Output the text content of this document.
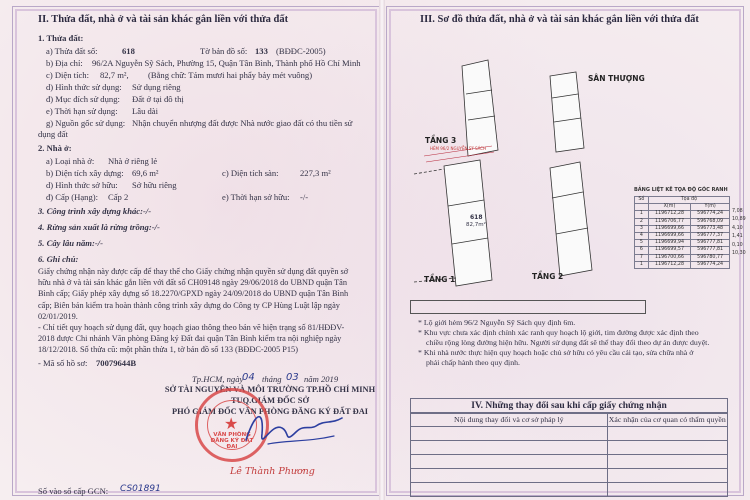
II. Thửa đất, nhà ở và tài sản khác gắn liền với thửa đất
1. Thửa đất:
a) Thửa đất số:	618	Tờ bản đồ số: 133 (BĐĐC-2005)
b) Địa chỉ: 96/2A Nguyễn Sỹ Sách, Phường 15, Quận Tân Bình, Thành phố Hồ Chí Minh
c) Diện tích: 82,7 m², (Bằng chữ: Tám mươi hai phẩy bảy mét vuông)
d) Hình thức sử dụng: Sử dụng riêng
đ) Mục đích sử dụng: Đất ở tại đô thị
e) Thời hạn sử dụng: Lâu dài
g) Nguồn gốc sử dụng: Nhận chuyển nhượng đất được Nhà nước giao đất có thu tiền sử
dụng đất
2. Nhà ở:
a) Loại nhà ở: Nhà ở riêng lẻ
b) Diện tích xây dựng: 69,6 m²	c) Diện tích sàn: 227,3 m²
d) Hình thức sở hữu: Sở hữu riêng
đ) Cấp (Hạng): Cấp 2	e) Thời hạn sở hữu: -/-
3. Công trình xây dựng khác:-/-
4. Rừng sản xuất là rừng trồng:-/-
5. Cây lâu năm:-/-
6. Ghi chú:
Giấy chứng nhận này được cấp để thay thế cho Giấy chứng nhận quyền sử dụng đất quyền sở
hữu nhà ở và tài sản khác gắn liền với đất số CH09148 ngày 29/06/2018 do UBND quận Tân
Bình cấp; Giấy phép xây dựng số 18.2270/GPXD ngày 24/09/2018 do UBND quận Tân Bình
cấp; Biên bản kiểm tra hoàn thành công trình xây dựng do Công ty CP Hùng Luật lập ngày
02/01/2019.
- Chỉ tiết quy hoạch sử dụng đất, quy hoạch giao thông theo bản vẽ hiện trạng số 81/HĐĐV-
2018 được Chi nhánh Văn phòng Đăng ký Đất đai quận Tân Bình kiểm tra nội nghiệp ngày
18/12/2018. Số thửa cũ: một phần thửa 1, tờ bản đồ số 133 (BĐĐC-2005 P15)
- Mã số hồ sơ: 70079644B
Tp.HCM, ngày
04 tháng 03 năm 2019
SỞ TÀI NGUYÊN VÀ MÔI TRƯỜNG TP.HỒ CHÍ MINH
TUQ.GIÁM ĐỐC SỞ
PHÓ GIÁM ĐỐC VĂN PHÒNG ĐĂNG KÝ ĐẤT ĐAI
★
VĂN PHÒNG ĐĂNG KÝ ĐẤT ĐAI
Lê Thành Phương
Số vào sổ cấp GCN: CS01891
III. Sơ đồ thửa đất, nhà ở và tài sản khác gắn liền với thửa đất
HẺM 96/2 NGUYỄN SỸ SÁCH
TẦNG 3
SÂN THƯỢNG
TẦNG 1	TẦNG 2
618
82,7m²
BẢNG LIỆT KÊ TỌA ĐỘ GÓC RANH
Số	Tọa độ	
	X(m)	Y(m)
1	1196712,28	596774,24
2	1196706,77	596768,09
3	1196699,66	596773,48
4	1196699,66	596777,37
5	1196699,94	596777,81
6	1196699,57	596777,81
7	1196700,66	596780,77
1	1196712,28	596774,24
7,08
10,89
4,10
1,41
0,10
10,30
* Lộ giới hẻm 96/2 Nguyễn Sỹ Sách quy định 6m.
* Khu vực chưa xác định chính xác ranh quy hoạch lộ giới, tim đường được xác định theo
chiều rộng lòng đường hiện hữu. Người sử dụng đất sẽ thể thay đổi theo dự án được duyệt.
* Khi nhà nước thực hiện quy hoạch hoặc chủ sở hữu có yêu cầu cải tạo, sửa chữa nhà ở
phải chấp hành theo quy định.
IV. Những thay đổi sau khi cấp giấy chứng nhận
Nội dung thay đổi và cơ sở pháp lý	Xác nhận của cơ quan có thẩm quyền
